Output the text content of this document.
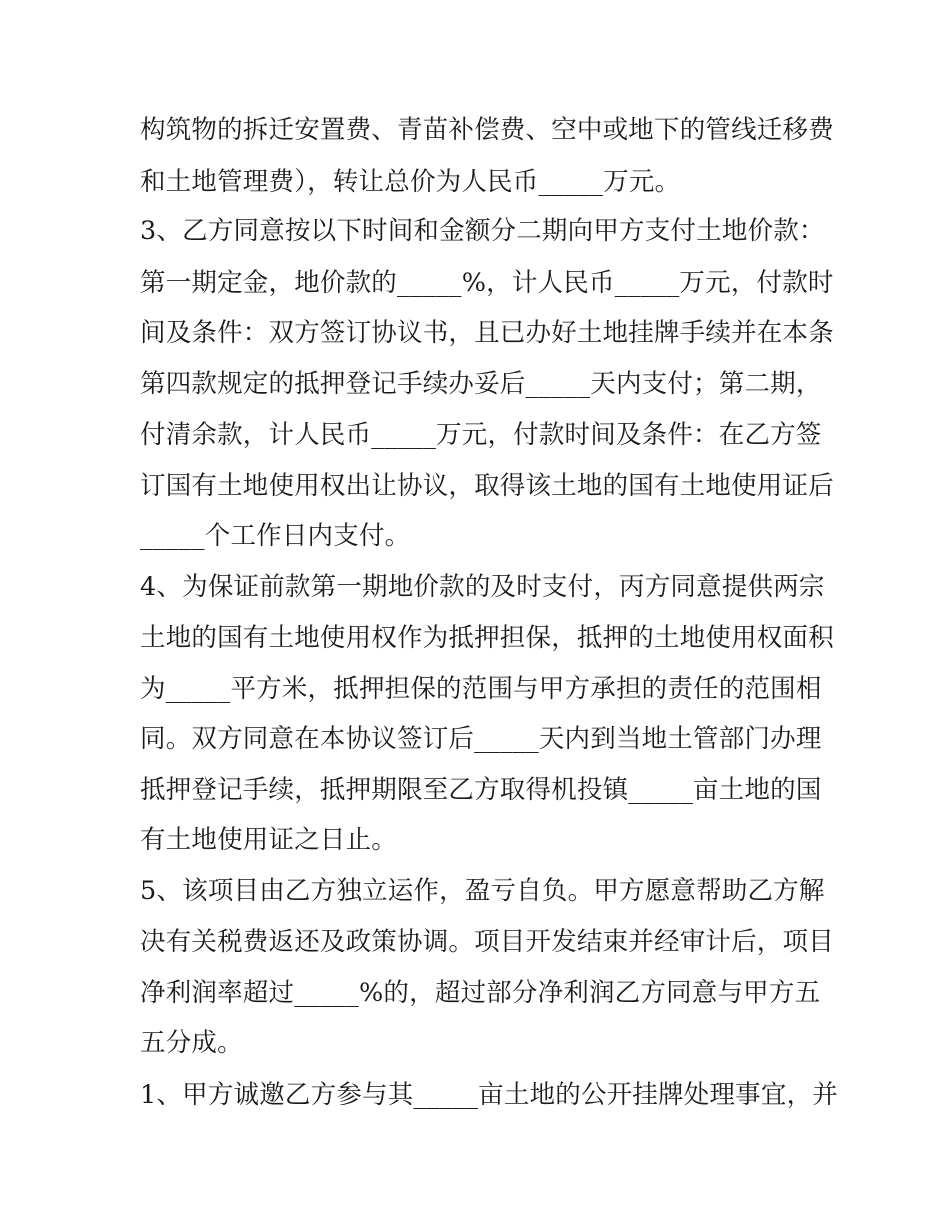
构筑物的拆迁安置费、青苗补偿费、空中或地下的管线迁移费
和土地管理费），转让总价为人民币_____万元。
3、乙方同意按以下时间和金额分二期向甲方支付土地价款：
第一期定金，地价款的_____%，计人民币_____万元，付款时
间及条件：双方签订协议书，且已办好土地挂牌手续并在本条
第四款规定的抵押登记手续办妥后_____天内支付；第二期，
付清余款，计人民币_____万元，付款时间及条件：在乙方签
订国有土地使用权出让协议，取得该土地的国有土地使用证后
_____个工作日内支付。
4、为保证前款第一期地价款的及时支付，丙方同意提供两宗
土地的国有土地使用权作为抵押担保，抵押的土地使用权面积
为_____平方米，抵押担保的范围与甲方承担的责任的范围相
同。双方同意在本协议签订后_____天内到当地土管部门办理
抵押登记手续，抵押期限至乙方取得机投镇_____亩土地的国
有土地使用证之日止。
5、该项目由乙方独立运作，盈亏自负。甲方愿意帮助乙方解
决有关税费返还及政策协调。项目开发结束并经审计后，项目
净利润率超过_____%的，超过部分净利润乙方同意与甲方五
五分成。
1、甲方诚邀乙方参与其_____亩土地的公开挂牌处理事宜，并
